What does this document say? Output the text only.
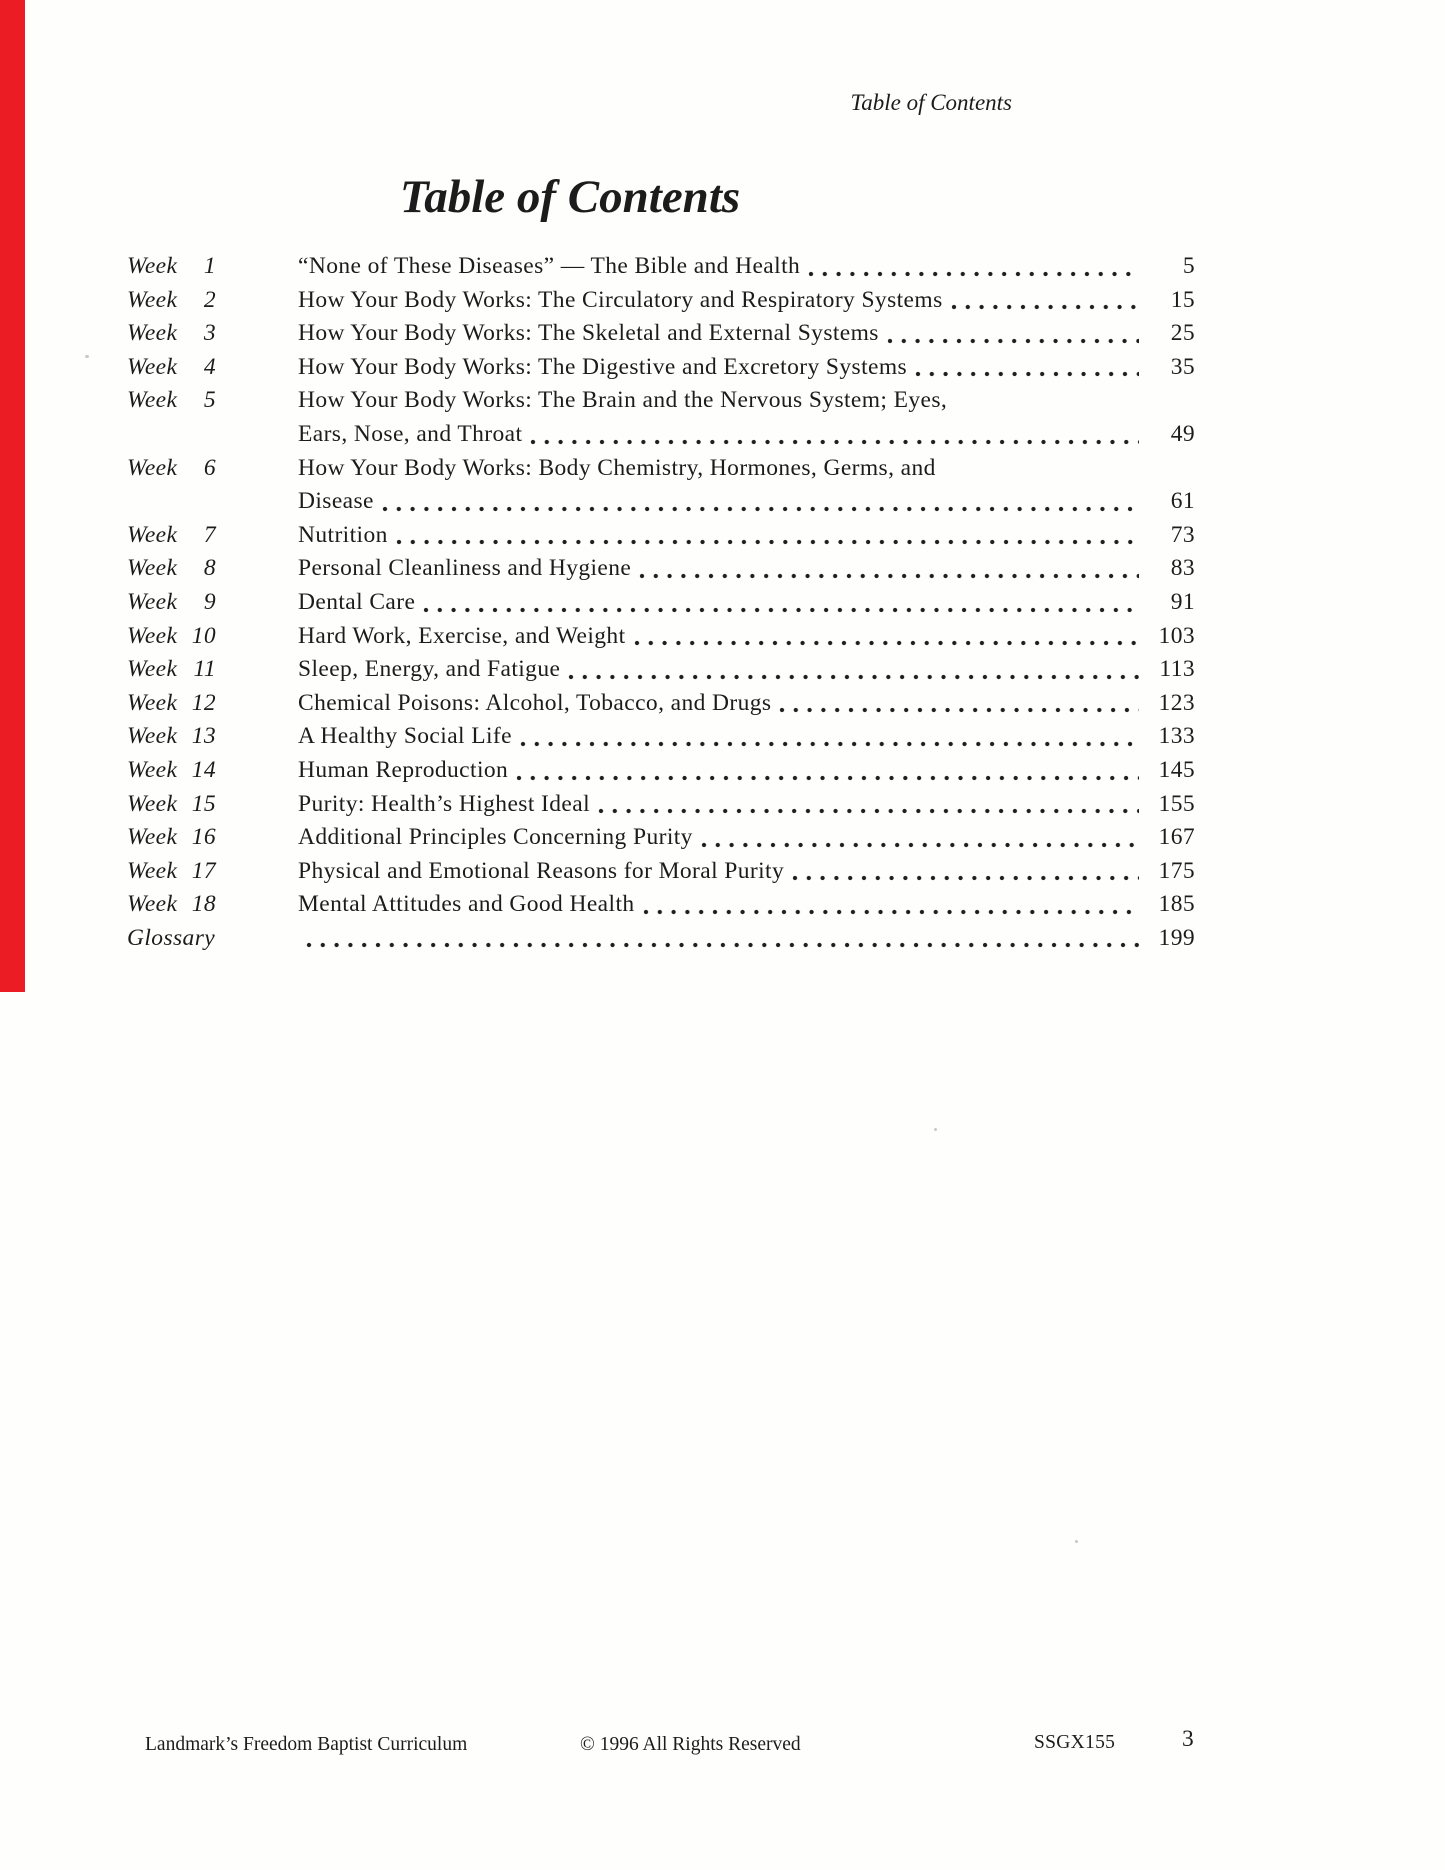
Table of Contents
Table of Contents
Week	1	“None of These Diseases” — The Bible and Health	5
Week	2	How Your Body Works: The Circulatory and Respiratory Systems	15
Week	3	How Your Body Works: The Skeletal and External Systems	25
Week	4	How Your Body Works: The Digestive and Excretory Systems	35
Week	5	How Your Body Works: The Brain and the Nervous System; Eyes,
Ears, Nose, and Throat	49
Week	6	How Your Body Works: Body Chemistry, Hormones, Germs, and
Disease	61
Week	7	Nutrition	73
Week	8	Personal Cleanliness and Hygiene	83
Week	9	Dental Care	91
Week 10	Hard Work, Exercise, and Weight	103
Week 11	Sleep, Energy, and Fatigue	113
Week 12	Chemical Poisons: Alcohol, Tobacco, and Drugs	123
Week 13	A Healthy Social Life	133
Week 14	Human Reproduction	145
Week 15	Purity: Health’s Highest Ideal	155
Week 16	Additional Principles Concerning Purity	167
Week 17	Physical and Emotional Reasons for Moral Purity	175
Week 18	Mental Attitudes and Good Health	185
Glossary	199
Landmark’s Freedom Baptist Curriculum	© 1996 All Rights Reserved	SSGX155	3
